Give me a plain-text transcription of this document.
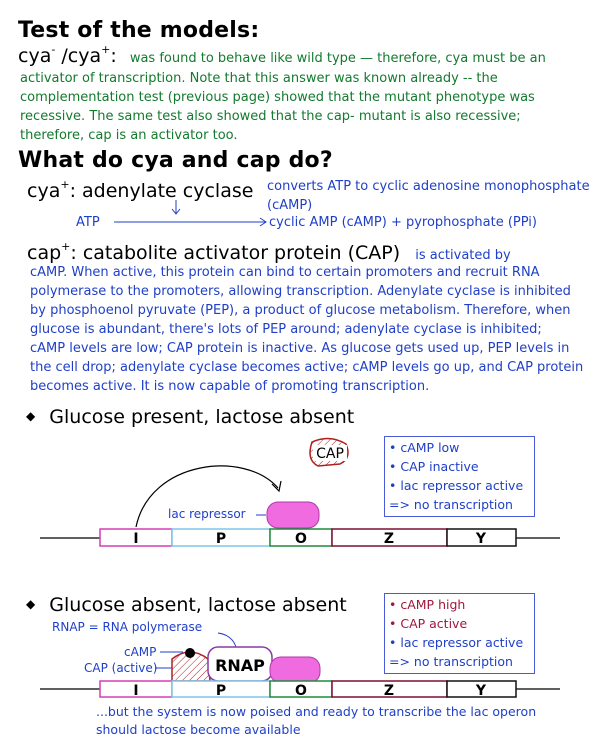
Test of the models:
cya- /cya+: was found to behave like wild type — therefore, cya must be an
activator of transcription. Note that this answer was known already -- the
complementation test (previous page) showed that the mutant phenotype was
recessive. The same test also showed that the cap- mutant is also recessive;
therefore, cap is an activator too.
What do cya and cap do?
cya+: adenylate cyclase converts ATP to cyclic adenosine monophosphate
(cAMP)
ATP	cyclic AMP (cAMP) + pyrophosphate (PPi)
cap+: catabolite activator protein (CAP) is activated by
cAMP. When active, this protein can bind to certain promoters and recruit RNA
polymerase to the promoters, allowing transcription. Adenylate cyclase is inhibited
by phosphoenol pyruvate (PEP), a product of glucose metabolism. Therefore, when
glucose is abundant, there's lots of PEP around; adenylate cyclase is inhibited;
cAMP levels are low; CAP protein is inactive. As glucose gets used up, PEP levels in
the cell drop; adenylate cyclase becomes active; cAMP levels go up, and CAP protein
becomes active. It is now capable of promoting transcription.
◆ Glucose present, lactose absent
• cAMP low
• CAP inactive
• lac repressor active
=> no transcription
CAP
lac repressor
I	P	O	Z	Y
◆ Glucose absent, lactose absent	• cAMP high
• CAP active
• lac repressor active
=> no transcription
RNAP = RNA polymerase
cAMP
CAP (active)	RNAP
I	P	O	Z	Y
...but the system is now poised and ready to transcribe the lac operon
should lactose become available
